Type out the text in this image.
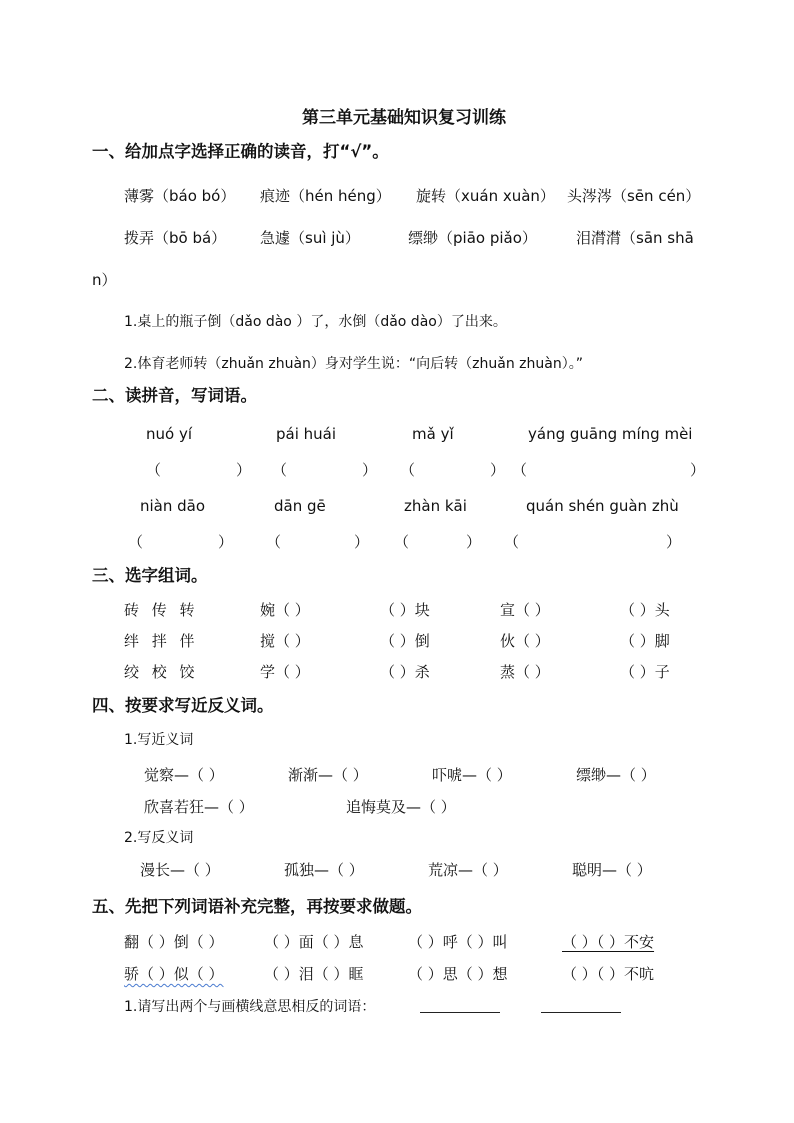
第三单元基础知识复习训练
一、给加点字选择正确的读音，打“√”。
薄雾（báo bó） 痕迹（hén héng） 旋转（xuán xuàn） 头涔涔（sēn cén）
拨弄（bō bá） 急遽（suì jù）	缥缈（piāo piǎo）	泪潸潸（sān shā
n）
1.桌上的瓶子倒（dǎo dào ）了，水倒（dǎo dào）了出来。
2.体育老师转（zhuǎn zhuàn）身对学生说：“向后转（zhuǎn zhuàn）。”
二、读拼音，写词语。
nuó yí	pái huái	mǎ yǐ	yáng guāng míng mèi
（	） （	） （	） （	）
niàn dāo	dān gē	zhàn kāi	quán shén guàn zhù
（	） （	） （	） （	）
三、选字组词。
砖 传 转	婉（ ）	（ ）块	宣（ ）	（ ）头
绊 拌 伴	搅（ ）	（ ）倒	伙（ ）	（ ）脚
绞 校 饺	学（ ）	（ ）杀	蒸（ ）	（ ）子
四、按要求写近反义词。
1.写近义词
觉察—（ ）	渐渐—（ ）	吓唬—（ ）	缥缈—（ ）
欣喜若狂—（ ）	追悔莫及—（ ）
2.写反义词
漫长—（ ）	孤独—（ ）	荒凉—（ ）	聪明—（ ）
五、先把下列词语补充完整，再按要求做题。
翻（ ）倒（ ）	（ ）面（ ）息	（ ）呼（ ）叫	（ ）（ ）不安
骄（ ）似（ ）	（ ）泪（ ）眶	（ ）思（ ）想	（ ）（ ）不吭
1.请写出两个与画横线意思相反的词语：
